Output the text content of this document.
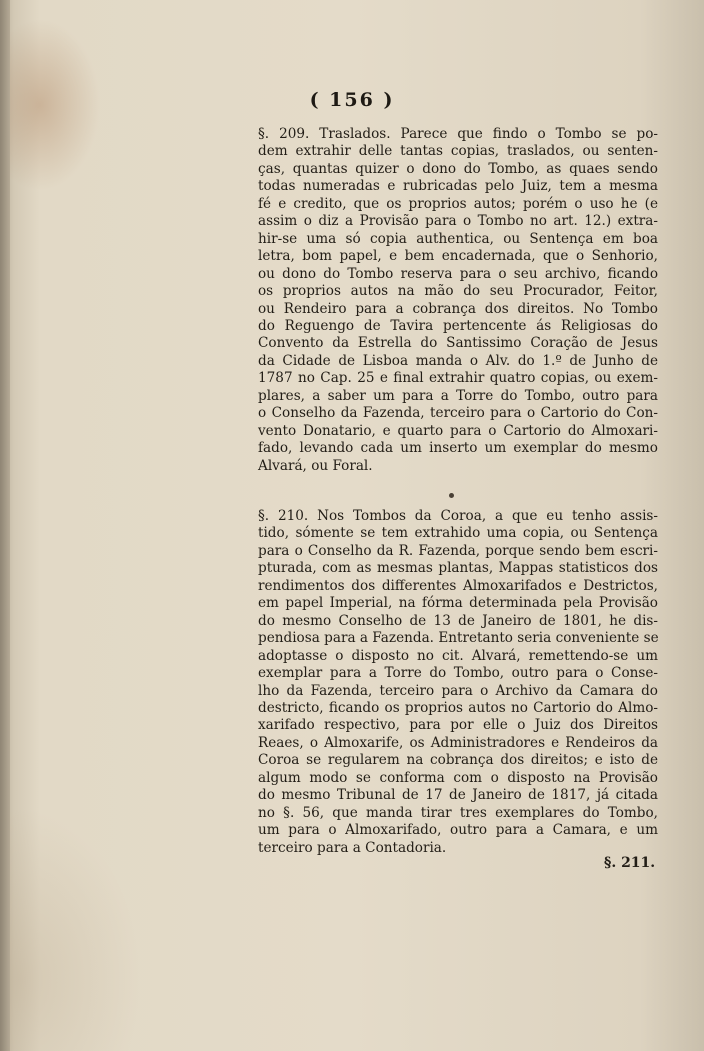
( 156 )
§. 209. Traslados. Parece que findo o Tombo se po-
dem extrahir delle tantas copias, traslados, ou senten-
ças, quantas quizer o dono do Tombo, as quaes sendo
todas numeradas e rubricadas pelo Juiz, tem a mesma
fé e credito, que os proprios autos; porém o uso he (e
assim o diz a Provisão para o Tombo no art. 12.) extra-
hir-se uma só copia authentica, ou Sentença em boa
letra, bom papel, e bem encadernada, que o Senhorio,
ou dono do Tombo reserva para o seu archivo, ficando
os proprios autos na mão do seu Procurador, Feitor,
ou Rendeiro para a cobrança dos direitos. No Tombo
do Reguengo de Tavira pertencente ás Religiosas do
Convento da Estrella do Santissimo Coração de Jesus
da Cidade de Lisboa manda o Alv. do 1.º de Junho de
1787 no Cap. 25 e final extrahir quatro copias, ou exem-
plares, a saber um para a Torre do Tombo, outro para
o Conselho da Fazenda, terceiro para o Cartorio do Con-
vento Donatario, e quarto para o Cartorio do Almoxari-
fado, levando cada um inserto um exemplar do mesmo
Alvará, ou Foral.
§. 210. Nos Tombos da Coroa, a que eu tenho assis-
tido, sómente se tem extrahido uma copia, ou Sentença
para o Conselho da R. Fazenda, porque sendo bem escri-
pturada, com as mesmas plantas, Mappas statisticos dos
rendimentos dos differentes Almoxarifados e Destrictos,
em papel Imperial, na fórma determinada pela Provisão
do mesmo Conselho de 13 de Janeiro de 1801, he dis-
pendiosa para a Fazenda. Entretanto seria conveniente se
adoptasse o disposto no cit. Alvará, remettendo-se um
exemplar para a Torre do Tombo, outro para o Conse-
lho da Fazenda, terceiro para o Archivo da Camara do
destricto, ficando os proprios autos no Cartorio do Almo-
xarifado respectivo, para por elle o Juiz dos Direitos
Reaes, o Almoxarife, os Administradores e Rendeiros da
Coroa se regularem na cobrança dos direitos; e isto de
algum modo se conforma com o disposto na Provisão
do mesmo Tribunal de 17 de Janeiro de 1817, já citada
no §. 56, que manda tirar tres exemplares do Tombo,
um para o Almoxarifado, outro para a Camara, e um
terceiro para a Contadoria.
§. 211.
